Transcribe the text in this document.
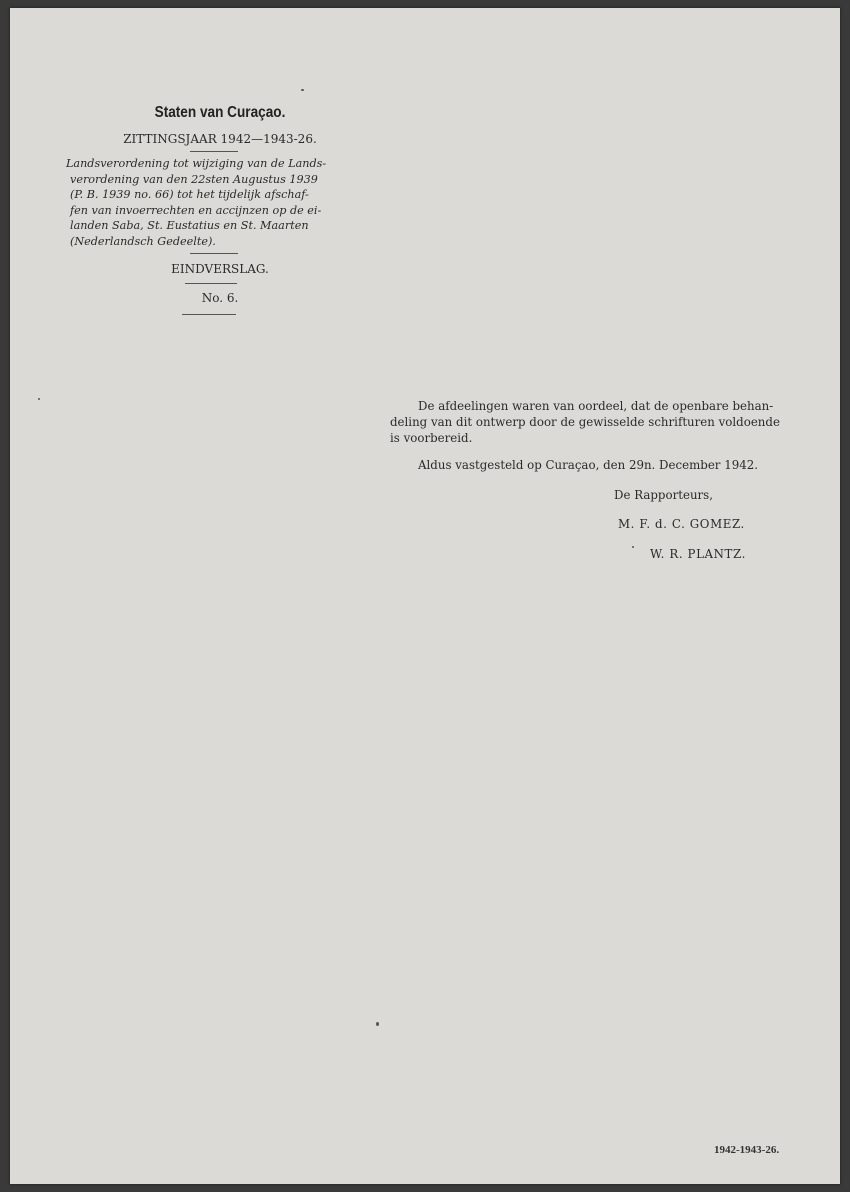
Staten van Curaçao.
ZITTINGSJAAR 1942—1943-26.
Landsverordening tot wijziging van de Lands-
verordening van den 22sten Augustus 1939
(P. B. 1939 no. 66) tot het tijdelijk afschaf-
fen van invoerrechten en accijnzen op de ei-
landen Saba, St. Eustatius en St. Maarten
(Nederlandsch Gedeelte).
EINDVERSLAG.
No. 6.
De afdeelingen waren van oordeel, dat de openbare behan-
deling van dit ontwerp door de gewisselde schrifturen voldoende
is voorbereid.
Aldus vastgesteld op Curaçao, den 29n. December 1942.
De Rapporteurs,
M. F. d. C. GOMEZ.
W. R. PLANTZ.
1942-1943-26.
